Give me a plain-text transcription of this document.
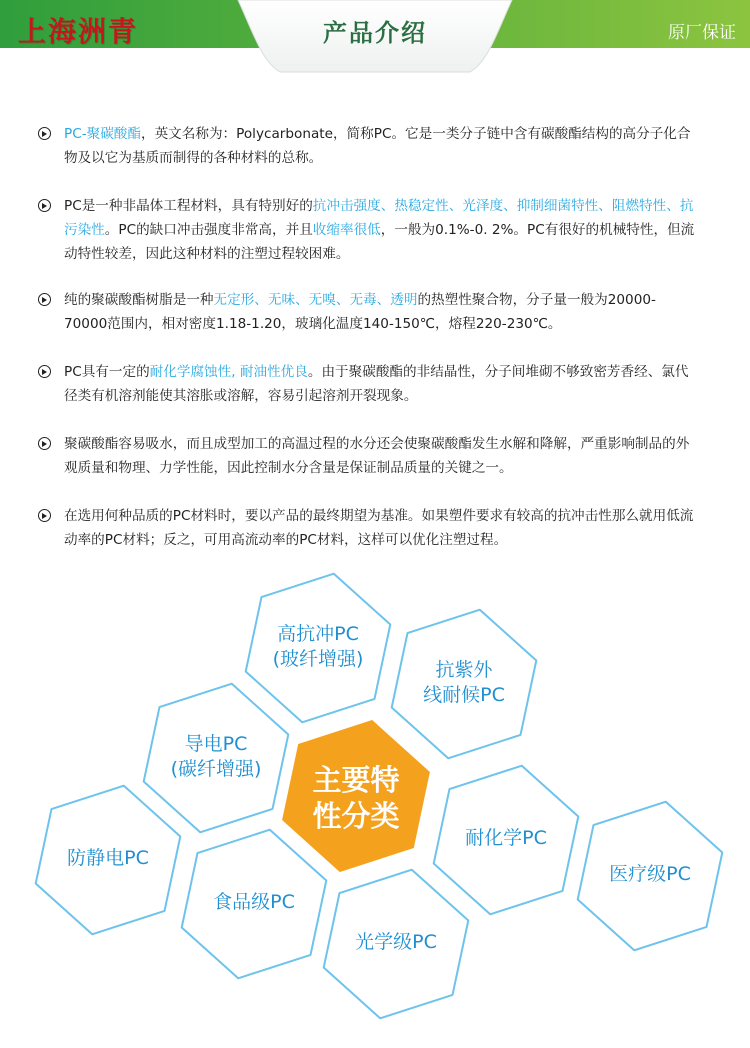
上海洲青	产品介绍	原厂保证

PC-聚碳酸酯，英文名称为：Polycarbonate，简称PC。它是一类分子链中含有碳酸酯结构的高分子化合物及以它为基质而制得的各种材料的总称。

PC是一种非晶体工程材料，具有特别好的抗冲击强度、热稳定性、光泽度、抑制细菌特性、阻燃特性、抗污染性。PC的缺口冲击强度非常高，并且收缩率很低，一般为0.1%-0. 2%。PC有很好的机械特性，但流动特性较差，因此这种材料的注塑过程较困难。

纯的聚碳酸酯树脂是一种无定形、无味、无嗅、无毒、透明的热塑性聚合物，分子量一般为20000-70000范围内，相对密度1.18-1.20，玻璃化温度140-150℃，熔程220-230℃。

PC具有一定的耐化学腐蚀性, 耐油性优良。由于聚碳酸酯的非结晶性，分子间堆砌不够致密芳香经、氯代径类有机溶剂能使其溶胀或溶解，容易引起溶剂开裂现象。

聚碳酸酯容易吸水，而且成型加工的高温过程的水分还会使聚碳酸酯发生水解和降解，严重影响制品的外观质量和物理、力学性能，因此控制水分含量是保证制品质量的关键之一。

在选用何种品质的PC材料时，要以产品的最终期望为基准。如果塑件要求有较高的抗冲击性那么就用低流动率的PC材料；反之，可用高流动率的PC材料，这样可以优化注塑过程。

主要特
性分类
高抗冲PC
(玻纤增强)	抗紫外
线耐候PC
导电PC
(碳纤增强)
耐化学PC
防静电PC
医疗级PC
食品级PC
光学级PC
